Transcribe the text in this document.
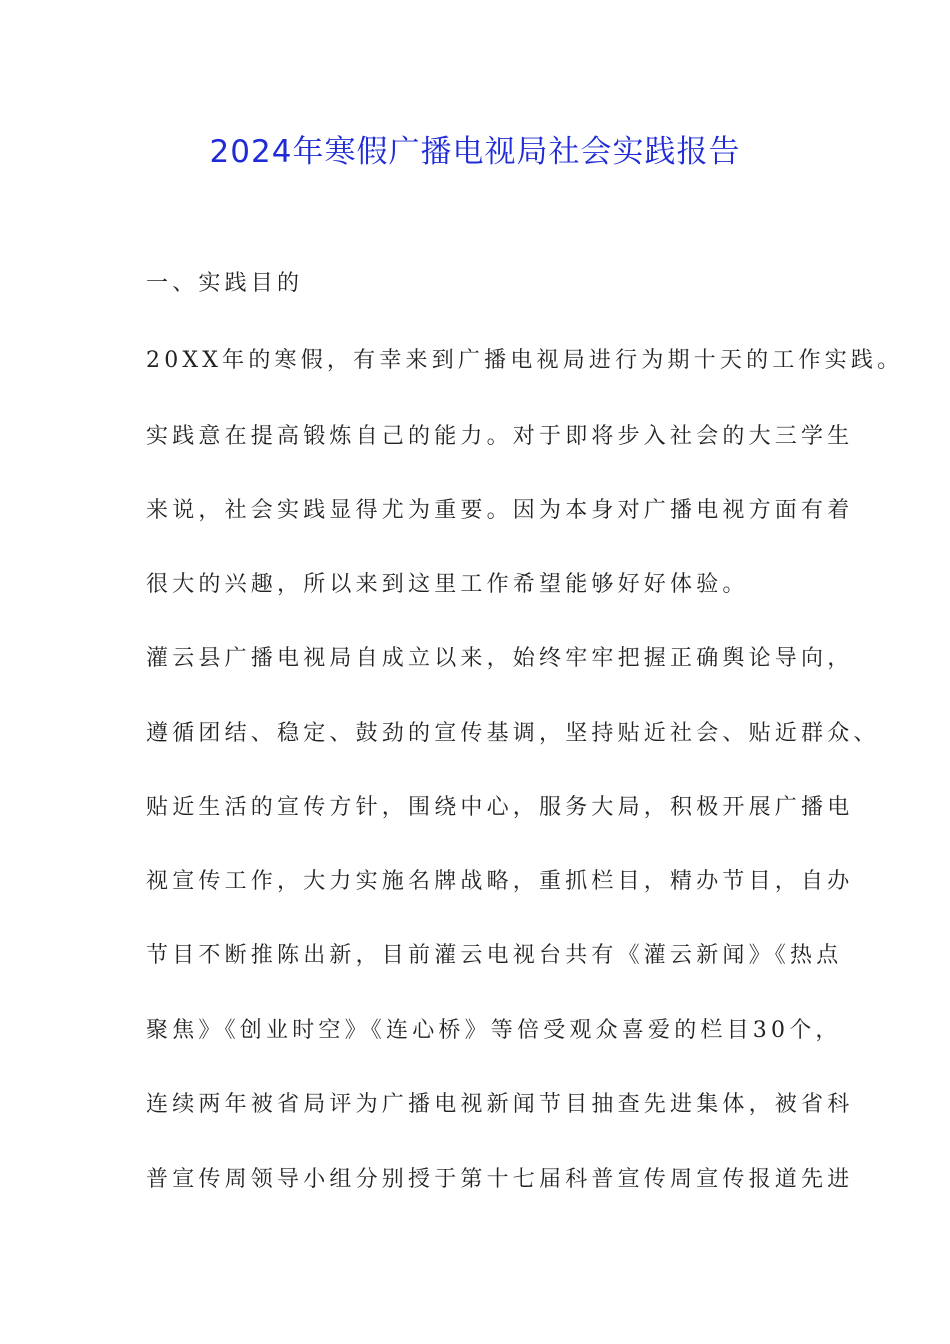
2024年寒假广播电视局社会实践报告
一、实践目的
20XX年的寒假，有幸来到广播电视局进行为期十天的工作实践。
实践意在提高锻炼自己的能力。对于即将步入社会的大三学生
来说，社会实践显得尤为重要。因为本身对广播电视方面有着
很大的兴趣，所以来到这里工作希望能够好好体验。
灌云县广播电视局自成立以来，始终牢牢把握正确舆论导向，
遵循团结、稳定、鼓劲的宣传基调，坚持贴近社会、贴近群众、
贴近生活的宣传方针，围绕中心，服务大局，积极开展广播电
视宣传工作，大力实施名牌战略，重抓栏目，精办节目，自办
节目不断推陈出新，目前灌云电视台共有《灌云新闻》《热点
聚焦》《创业时空》《连心桥》等倍受观众喜爱的栏目30个，
连续两年被省局评为广播电视新闻节目抽查先进集体，被省科
普宣传周领导小组分别授于第十七届科普宣传周宣传报道先进
